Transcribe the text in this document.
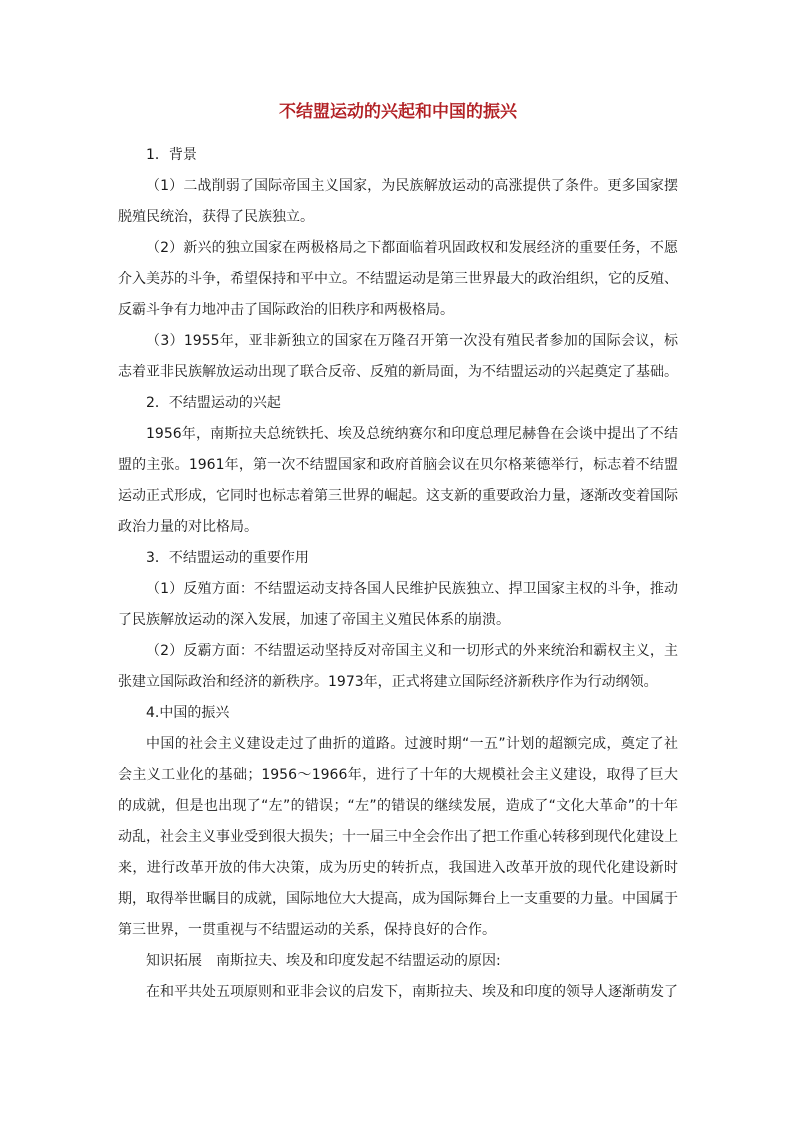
不结盟运动的兴起和中国的振兴

1．背景

（1）二战削弱了国际帝国主义国家，为民族解放运动的高涨提供了条件。更多国家摆脱殖民统治，获得了民族独立。

（2）新兴的独立国家在两极格局之下都面临着巩固政权和发展经济的重要任务，不愿介入美苏的斗争，希望保持和平中立。不结盟运动是第三世界最大的政治组织，它的反殖、反霸斗争有力地冲击了国际政治的旧秩序和两极格局。

（3）1955年，亚非新独立的国家在万隆召开第一次没有殖民者参加的国际会议，标志着亚非民族解放运动出现了联合反帝、反殖的新局面，为不结盟运动的兴起奠定了基础。

2．不结盟运动的兴起

1956年，南斯拉夫总统铁托、埃及总统纳赛尔和印度总理尼赫鲁在会谈中提出了不结盟的主张。1961年，第一次不结盟国家和政府首脑会议在贝尔格莱德举行，标志着不结盟运动正式形成，它同时也标志着第三世界的崛起。这支新的重要政治力量，逐渐改变着国际政治力量的对比格局。

3．不结盟运动的重要作用

（1）反殖方面：不结盟运动支持各国人民维护民族独立、捍卫国家主权的斗争，推动了民族解放运动的深入发展，加速了帝国主义殖民体系的崩溃。

（2）反霸方面：不结盟运动坚持反对帝国主义和一切形式的外来统治和霸权主义，主张建立国际政治和经济的新秩序。1973年，正式将建立国际经济新秩序作为行动纲领。

4.中国的振兴

中国的社会主义建设走过了曲折的道路。过渡时期“一五”计划的超额完成，奠定了社会主义工业化的基础；1956～1966年，进行了十年的大规模社会主义建设，取得了巨大的成就，但是也出现了“左”的错误；“左”的错误的继续发展，造成了“文化大革命”的十年动乱，社会主义事业受到很大损失；十一届三中全会作出了把工作重心转移到现代化建设上来，进行改革开放的伟大决策，成为历史的转折点，我国进入改革开放的现代化建设新时期，取得举世瞩目的成就，国际地位大大提高，成为国际舞台上一支重要的力量。中国属于第三世界，一贯重视与不结盟运动的关系，保持良好的合作。

知识拓展　南斯拉夫、埃及和印度发起不结盟运动的原因:

在和平共处五项原则和亚非会议的启发下，南斯拉夫、埃及和印度的领导人逐渐萌发了
